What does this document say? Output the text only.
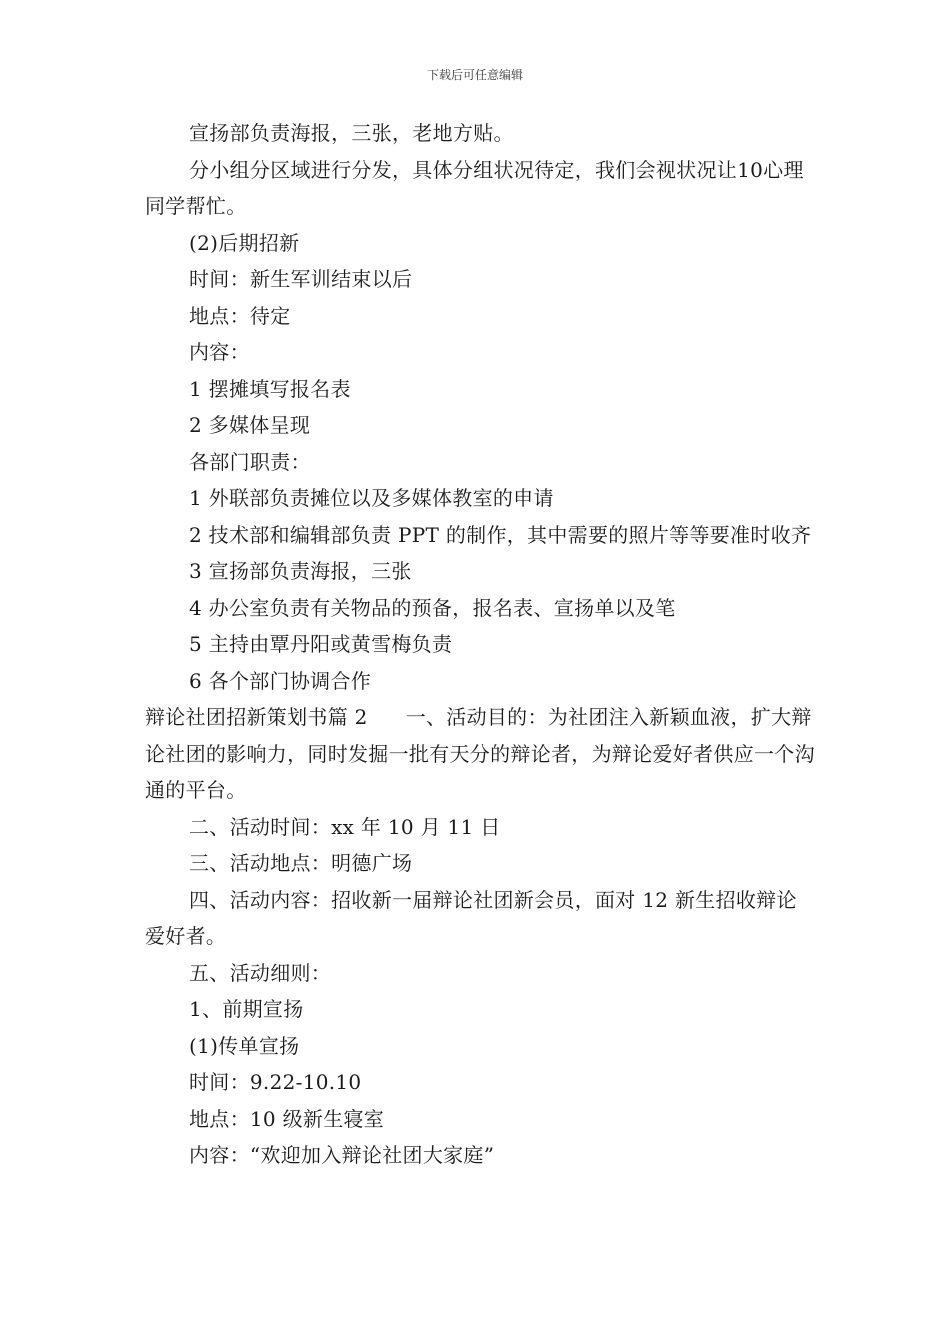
下载后可任意编辑

宣扬部负责海报，三张，老地方贴。

分小组分区域进行分发，具体分组状况待定，我们会视状况让10心理同学帮忙。

(2)后期招新

时间：新生军训结束以后

地点：待定

内容：

1 摆摊填写报名表

2 多媒体呈现

各部门职责：

1 外联部负责摊位以及多媒体教室的申请

2 技术部和编辑部负责 PPT 的制作，其中需要的照片等等要准时收齐

3 宣扬部负责海报，三张

4 办公室负责有关物品的预备，报名表、宣扬单以及笔

5 主持由覃丹阳或黄雪梅负责

6 各个部门协调合作

辩论社团招新策划书篇 2 一、活动目的：为社团注入新颖血液，扩大辩论社团的影响力，同时发掘一批有天分的辩论者，为辩论爱好者供应一个沟通的平台。

二、活动时间：xx 年 10 月 11 日

三、活动地点：明德广场

四、活动内容：招收新一届辩论社团新会员，面对 12 新生招收辩论爱好者。

五、活动细则：

1、前期宣扬

(1)传单宣扬

时间：9.22-10.10

地点：10 级新生寝室

内容：“欢迎加入辩论社团大家庭”
